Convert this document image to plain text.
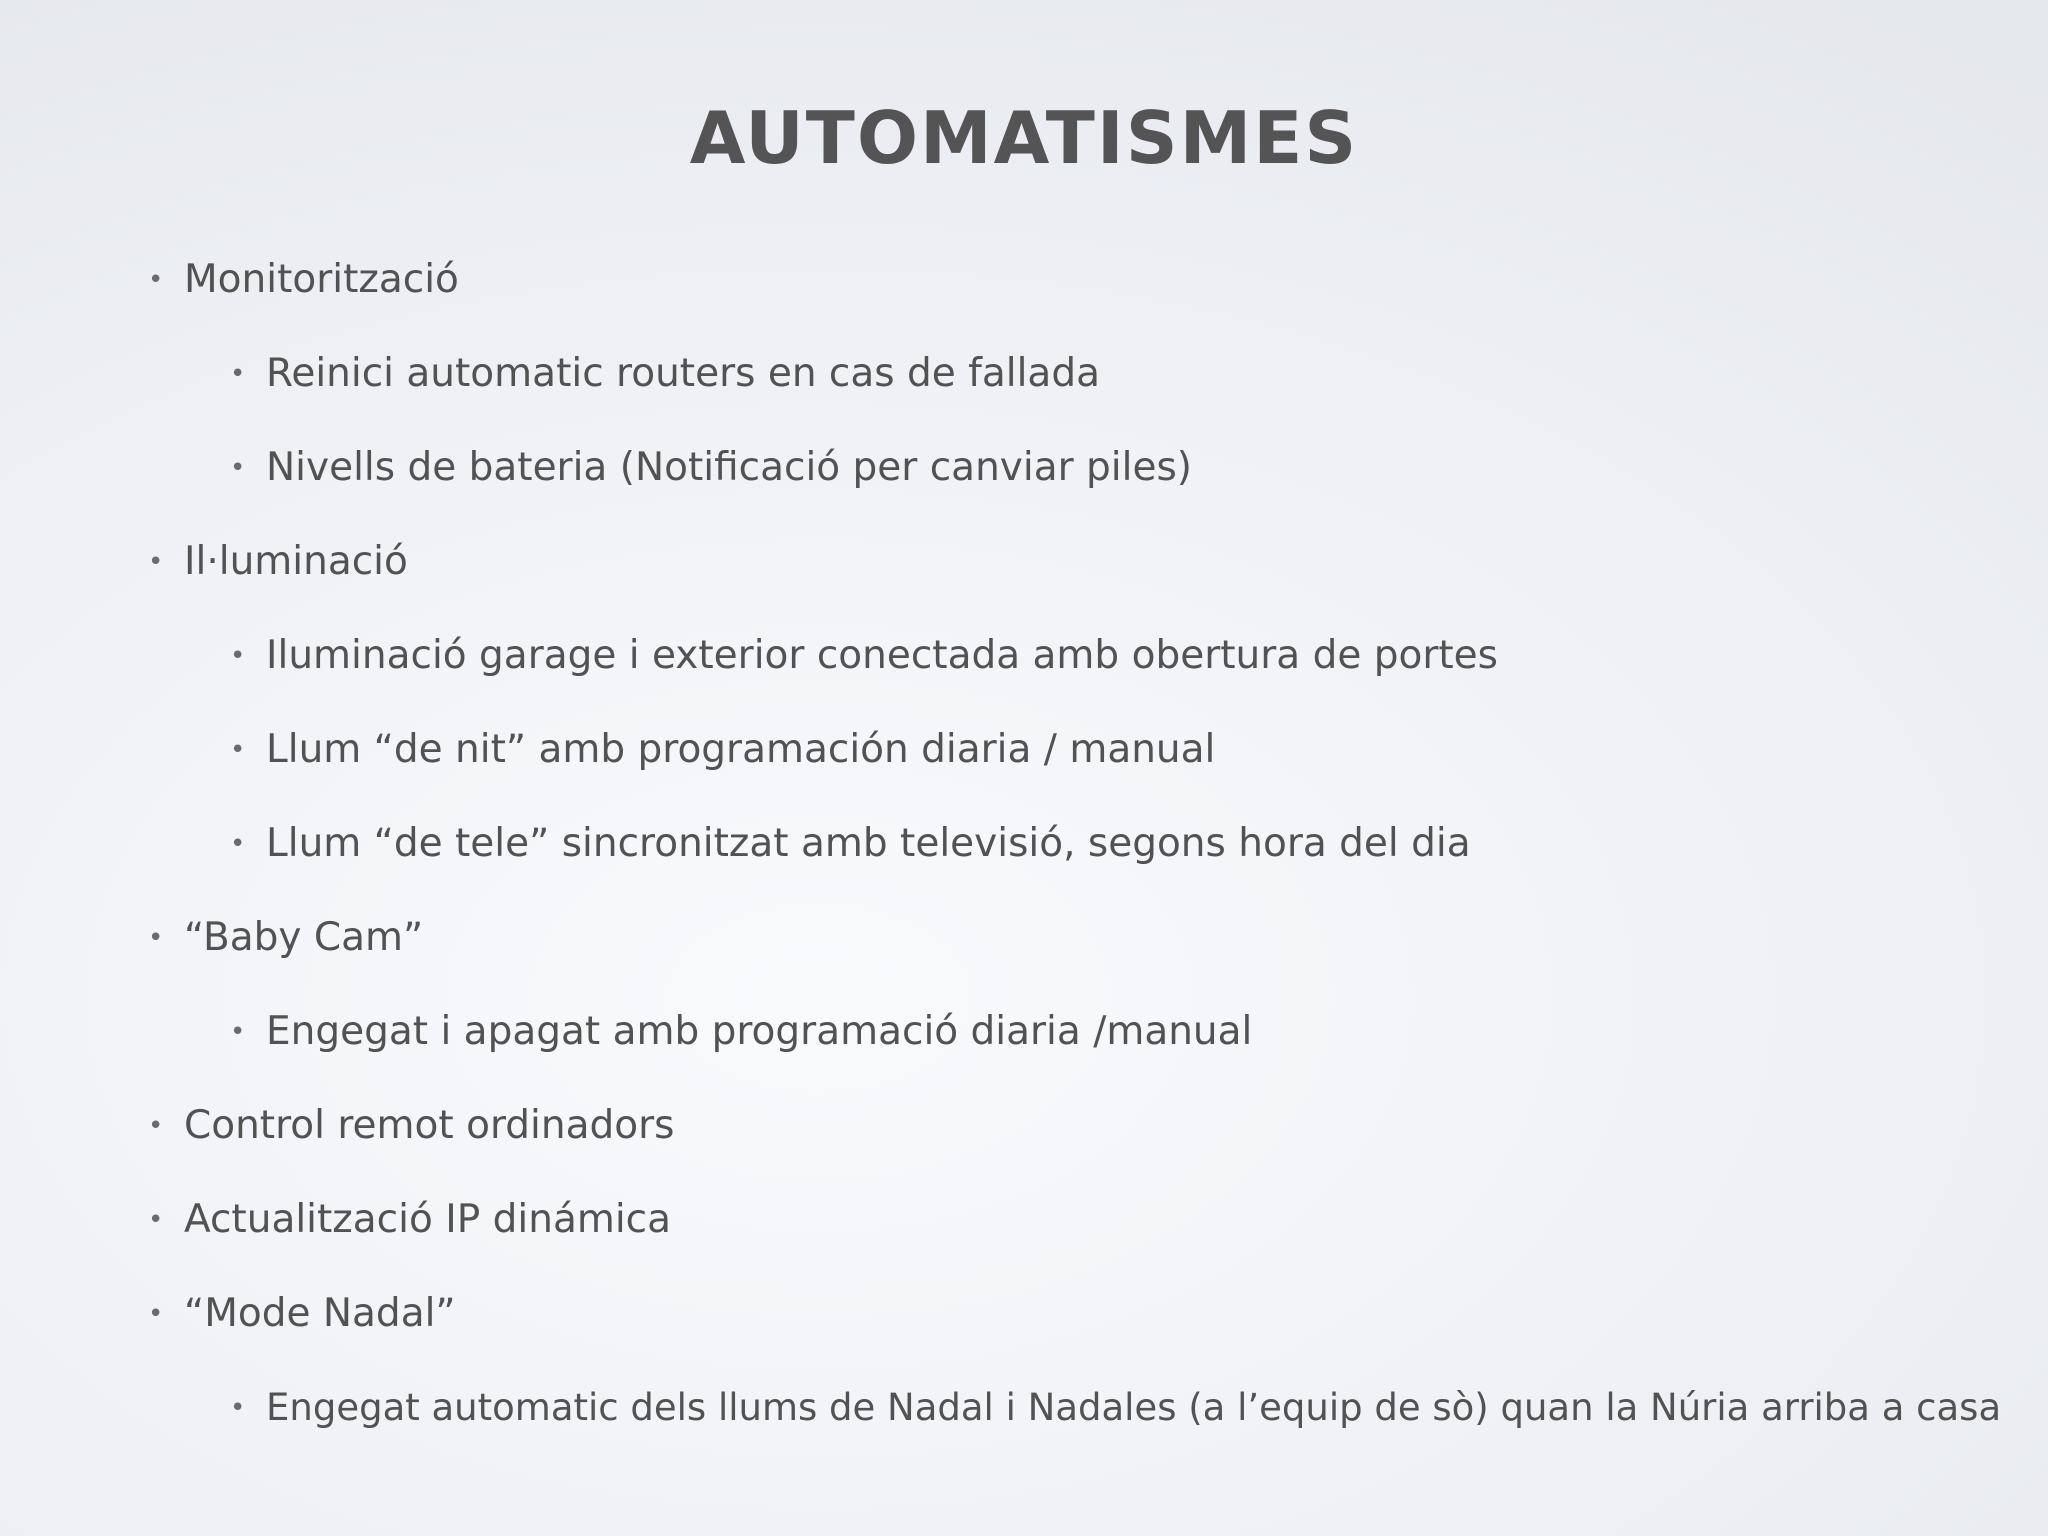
AUTOMATISMES
• Monitorització
• Reinici automatic routers en cas de fallada
• Nivells de bateria (Notificació per canviar piles)
• Il·luminació
• Iluminació garage i exterior conectada amb obertura de portes
• Llum “de nit” amb programación diaria / manual
• Llum “de tele” sincronitzat amb televisió, segons hora del dia
• “Baby Cam”
• Engegat i apagat amb programació diaria /manual
• Control remot ordinadors
• Actualització IP dinámica
• “Mode Nadal”
• Engegat automatic dels llums de Nadal i Nadales (a l’equip de sò) quan la Núria arriba a casa
